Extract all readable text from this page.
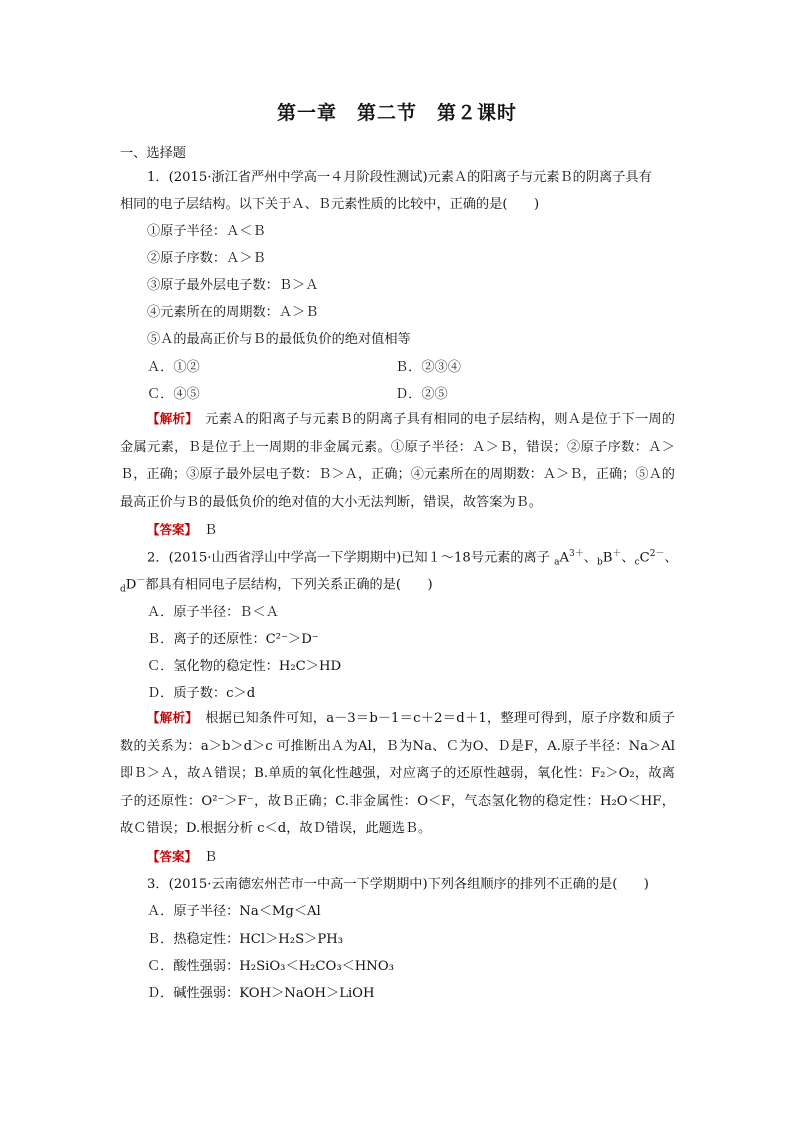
第一章　第二节　第２课时
一、选择题
1．(2015·浙江省严州中学高一４月阶段性测试)元素Ａ的阳离子与元素Ｂ的阴离子具有
相同的电子层结构。以下关于Ａ、Ｂ元素性质的比较中，正确的是(　　)
①原子半径：Ａ＜Ｂ
②原子序数：Ａ＞Ｂ
③原子最外层电子数：Ｂ＞Ａ
④元素所在的周期数：Ａ＞Ｂ
⑤Ａ的最高正价与Ｂ的最低负价的绝对值相等
Ａ．①②	Ｂ．②③④
Ｃ．④⑤	Ｄ．②⑤
【解析】　元素Ａ的阳离子与元素Ｂ的阴离子具有相同的电子层结构，则Ａ是位于下一周的金属元素，Ｂ是位于上一周期的非金属元素。①原子半径：Ａ＞Ｂ，错误；②原子序数：Ａ＞Ｂ，正确；③原子最外层电子数：Ｂ＞Ａ，正确；④元素所在的周期数：Ａ＞Ｂ，正确；⑤Ａ的最高正价与Ｂ的最低负价的绝对值的大小无法判断，错误，故答案为Ｂ。
【答案】　 Ｂ
2．(2015·山西省浮山中学高一下学期期中)已知１～18号元素的离子 $_aA^{3+}$、$_b$B＋、$_cC^{2-}$、
$_d$D－都具有相同电子层结构，下列关系正确的是(　　)
Ａ．原子半径：Ｂ＜Ａ
Ｂ．离子的还原性：C²⁻＞D⁻
Ｃ．氢化物的稳定性：H₂C＞HD
Ｄ．质子数：c＞d
【解析】　根据已知条件可知，a－3＝b－1＝c＋2＝d＋1，整理可得到，原子序数和质子数的关系为：a＞b＞d＞c 可推断出Ａ为Al，Ｂ为Na、Ｃ为O、Ｄ是F，A.原子半径：Na＞Al 即Ｂ＞Ａ，故Ａ错误；B.单质的氧化性越强，对应离子的还原性越弱，氧化性：F₂＞O₂，故离子的还原性：O²⁻＞F⁻，故Ｂ正确；C.非金属性：O＜F，气态氢化物的稳定性：H₂O＜HF，故Ｃ错误；D.根据分析 c＜d，故Ｄ错误，此题选Ｂ。
【答案】　 Ｂ
3．(2015·云南德宏州芒市一中高一下学期期中)下列各组顺序的排列不正确的是(　　)
Ａ．原子半径：Na＜Mg＜Al
Ｂ．热稳定性：HCl＞H₂S＞PH₃
Ｃ．酸性强弱：H₂SiO₃＜H₂CO₃＜HNO₃
Ｄ．碱性强弱：KOH＞NaOH＞LiOH
